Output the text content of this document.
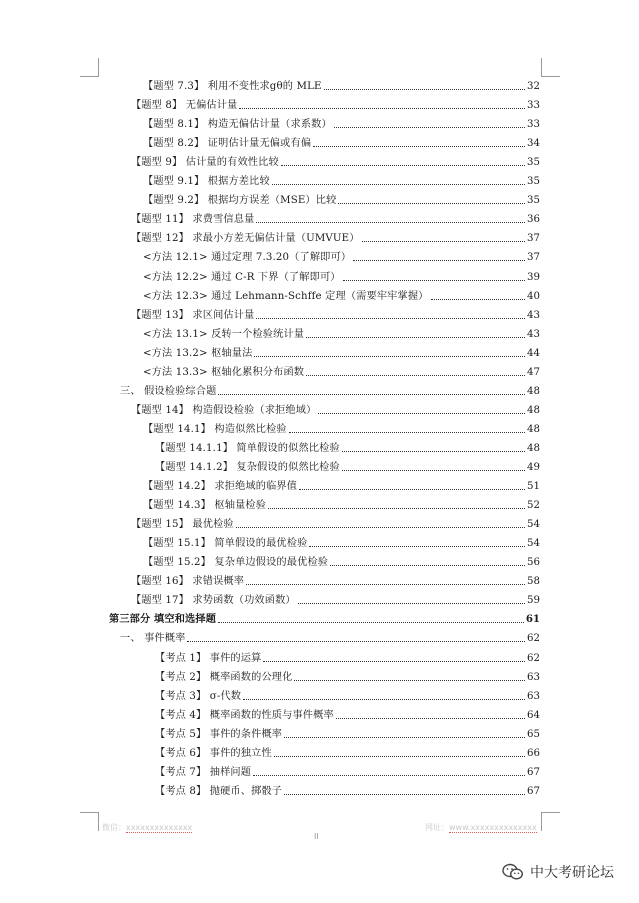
【题型 7.3】 利用不变性求gθ的 MLE	32
【题型 8】 无偏估计量	33
【题型 8.1】 构造无偏估计量（求系数）	33
【题型 8.2】 证明估计量无偏或有偏	34
【题型 9】 估计量的有效性比较	35
【题型 9.1】 根据方差比较	35
【题型 9.2】 根据均方误差（MSE）比较	35
【题型 11】 求费雪信息量	36
【题型 12】 求最小方差无偏估计量（UMVUE）	37
<方法 12.1> 通过定理 7.3.20（了解即可）	37
<方法 12.2> 通过 C-R 下界（了解即可）	39
<方法 12.3> 通过 Lehmann-Schffe 定理（需要牢牢掌握）	40
【题型 13】 求区间估计量	43
<方法 13.1> 反转一个检验统计量	43
<方法 13.2> 枢轴量法	44
<方法 13.3> 枢轴化累积分布函数	47
三、 假设检验综合题	48
【题型 14】 构造假设检验（求拒绝域）	48
【题型 14.1】 构造似然比检验	48
【题型 14.1.1】 简单假设的似然比检验	48
【题型 14.1.2】 复杂假设的似然比检验	49
【题型 14.2】 求拒绝域的临界值	51
【题型 14.3】 枢轴量检验	52
【题型 15】 最优检验	54
【题型 15.1】 简单假设的最优检验	54
【题型 15.2】 复杂单边假设的最优检验	56
【题型 16】 求错误概率	58
【题型 17】 求势函数（功效函数）	59
第三部分 填空和选择题	61
一、 事件概率	62
【考点 1】 事件的运算	62
【考点 2】 概率函数的公理化	63
【考点 3】 σ-代数	63
【考点 4】 概率函数的性质与事件概率	64
【考点 5】 事件的条件概率	65
【考点 6】 事件的独立性	66
【考点 7】 抽样问题	67
【考点 8】 抛硬币、掷骰子	67
微信：xxxxxxxxxxxxxx	网址：www.xxxxxxxxxxxxxx
II
中大考研论坛
